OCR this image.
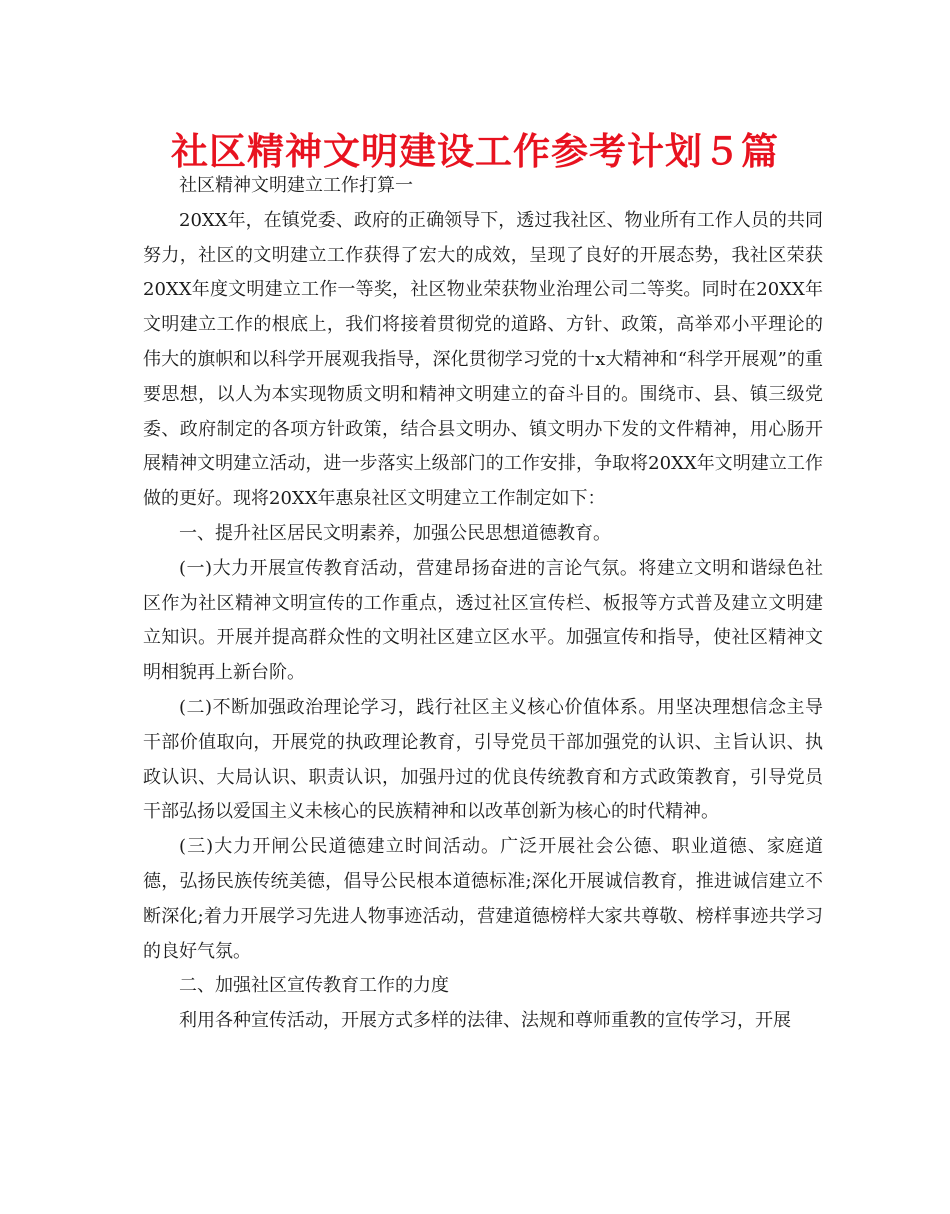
社区精神文明建设工作参考计划５篇

社区精神文明建立工作打算一

20XX年，在镇党委、政府的正确领导下，透过我社区、物业所有工作人员的共同努力，社区的文明建立工作获得了宏大的成效，呈现了良好的开展态势，我社区荣获20XX年度文明建立工作一等奖，社区物业荣获物业治理公司二等奖。同时在20XX年文明建立工作的根底上，我们将接着贯彻党的道路、方针、政策，高举邓小平理论的伟大的旗帜和以科学开展观我指导，深化贯彻学习党的十x大精神和“科学开展观”的重要思想，以人为本实现物质文明和精神文明建立的奋斗目的。围绕市、县、镇三级党委、政府制定的各项方针政策，结合县文明办、镇文明办下发的文件精神，用心肠开展精神文明建立活动，进一步落实上级部门的工作安排，争取将20XX年文明建立工作做的更好。现将20XX年惠泉社区文明建立工作制定如下：

一、提升社区居民文明素养，加强公民思想道德教育。

(一)大力开展宣传教育活动，营建昂扬奋进的言论气氛。将建立文明和谐绿色社区作为社区精神文明宣传的工作重点，透过社区宣传栏、板报等方式普及建立文明建立知识。开展并提高群众性的文明社区建立区水平。加强宣传和指导，使社区精神文明相貌再上新台阶。

(二)不断加强政治理论学习，践行社区主义核心价值体系。用坚决理想信念主导干部价值取向，开展党的执政理论教育，引导党员干部加强党的认识、主旨认识、执政认识、大局认识、职责认识，加强丹过的优良传统教育和方式政策教育，引导党员干部弘扬以爱国主义未核心的民族精神和以改革创新为核心的时代精神。

(三)大力开闸公民道德建立时间活动。广泛开展社会公德、职业道德、家庭道德，弘扬民族传统美德，倡导公民根本道德标准;深化开展诚信教育，推进诚信建立不断深化;着力开展学习先进人物事迹活动，营建道德榜样大家共尊敬、榜样事迹共学习的良好气氛。

二、加强社区宣传教育工作的力度

利用各种宣传活动，开展方式多样的法律、法规和尊师重教的宣传学习，开展
